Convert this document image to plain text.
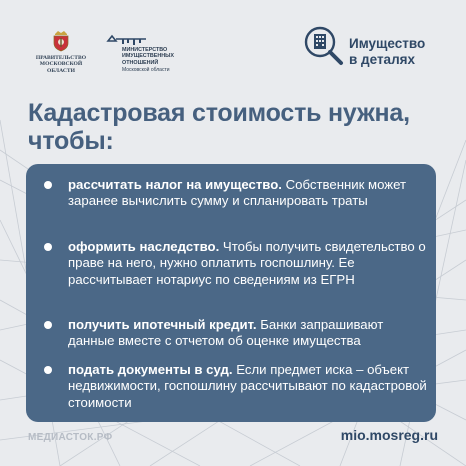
ПРАВИТЕЛЬСТВО
МОСКОВСКОЙ
ОБЛАСТИ
МИНИСТЕРСТВО
ИМУЩЕСТВЕННЫХ
ОТНОШЕНИЙ
Московской области
Имущество
в деталях
Кадастровая стоимость нужна,
чтобы:
рассчитать налог на имущество. Собственник может заранее вычислить сумму и спланировать траты
оформить наследство. Чтобы получить свидетельство о праве на него, нужно оплатить госпошлину. Ее рассчитывает нотариус по сведениям из ЕГРН
получить ипотечный кредит. Банки запрашивают данные вместе с отчетом об оценке имущества
подать документы в суд. Если предмет иска – объект недвижимости, госпошлину рассчитывают по кадастровой стоимости
МЕДИАСТОК.РФ	mio.mosreg.ru
